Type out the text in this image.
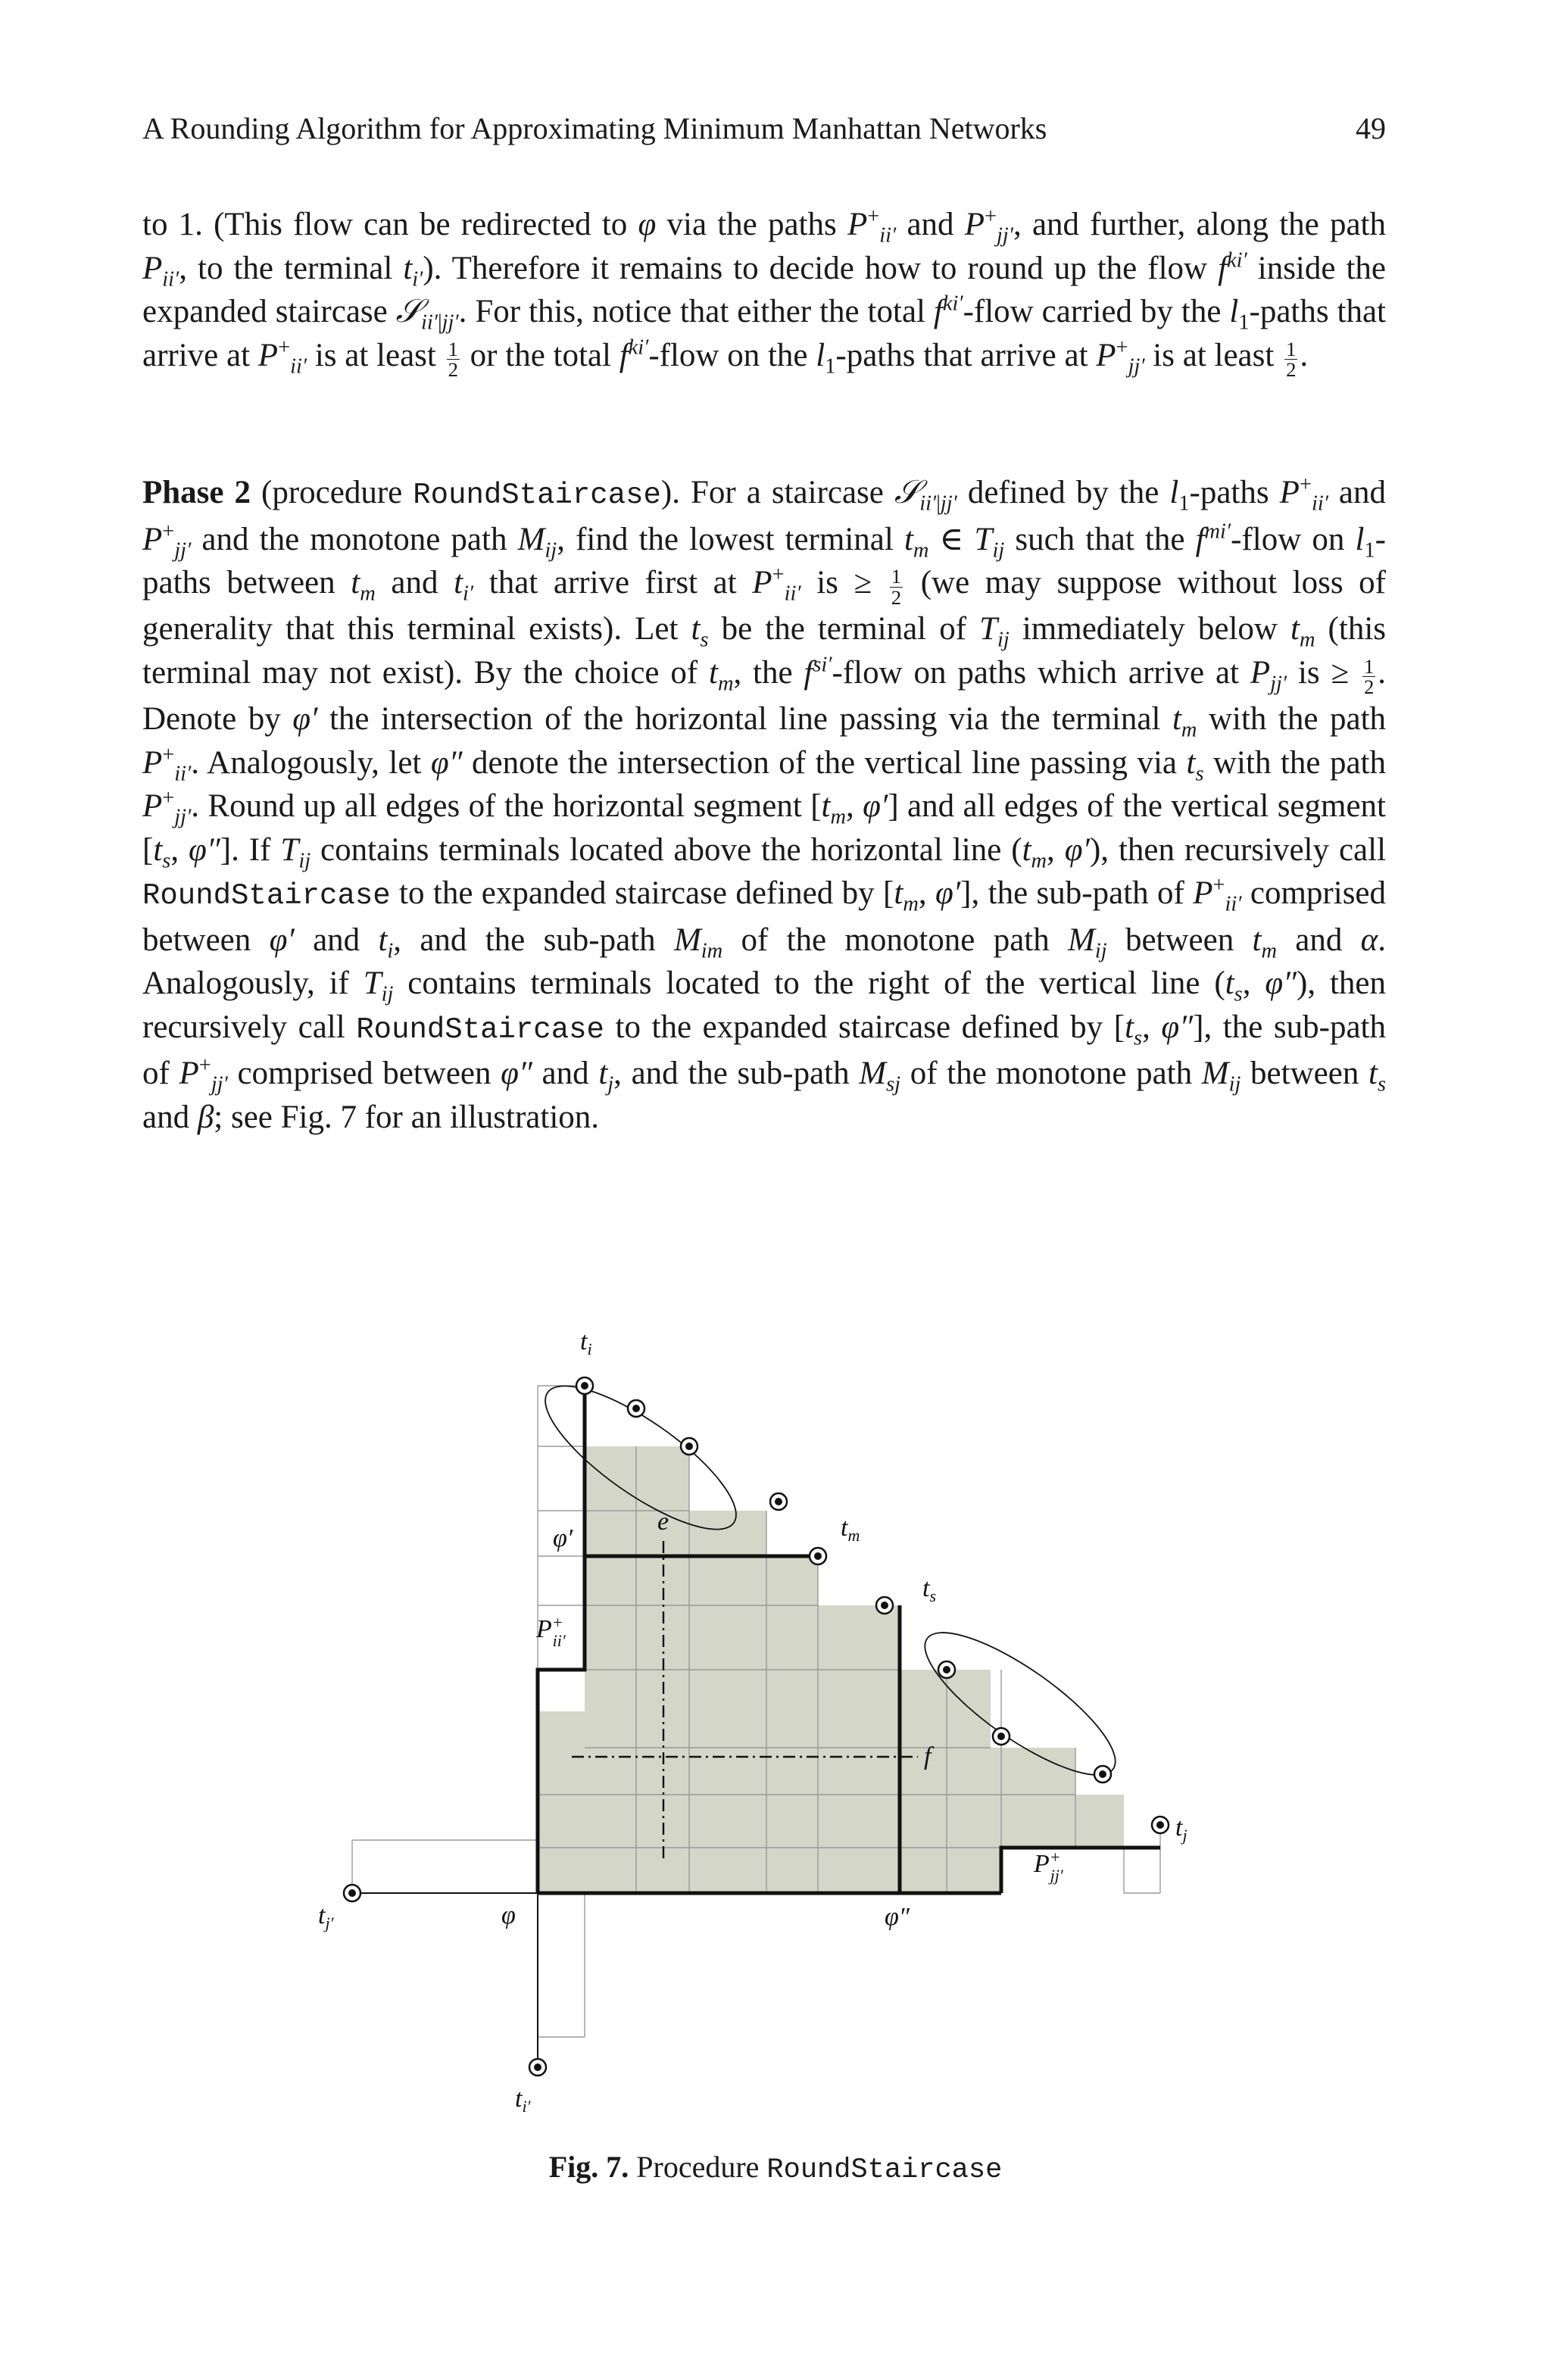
A Rounding Algorithm for Approximating Minimum Manhattan Networks	49

to 1. (This flow can be redirected to φ via the paths $P^+_{ii'}$ and $P^+_{jj'}$, and further, along the path $P_{ii'}$, to the terminal $t_{i'}$). Therefore it remains to decide how to round up the flow $f^{ki'}$ inside the expanded staircase 𝒮$_{ii'|jj'}$. For this, notice that either the total $f^{ki'}$-flow carried by the $l_1$-paths that arrive at $P^+_{ii'}$ is at least $\frac{1}{2}$ or the total $f^{ki'}$-flow on the $l_1$-paths that arrive at $P^+_{jj'}$ is at least $\frac{1}{2}$ .

Phase 2 (procedure RoundStaircase). For a staircase 𝒮$_{ii'|jj'}$ defined by the $l_1$-paths $P^+_{ii'}$ and $P^+_{jj'}$ and the monotone path $M_{ij}$, find the lowest terminal $t_m$ ∈ $T_{ij}$ such that the $f^{mi'}$-flow on $l_1$-paths between $t_m$ and $t_{i'}$ that arrive first at $P^+_{ii'}$ is ≥ $\frac{1}{2} (we$ may suppose without loss of generality that this terminal exists). Let $t_s$ be the terminal of $T_{ij}$ immediately below $t_m$ (this terminal may not exist). By the choice of $t_m$, the $f^{si'}$-flow on paths which arrive at $P_{jj'}$ is ≥ $\frac{1}{2}$ . Denote by φ′ the intersection of the horizontal line passing via the terminal $t_m$ with the path $P^+_{ii'}$. Analogously, let φ″ denote the intersection of the vertical line passing via $t_s$ with the path $P^+_{jj'}$. Round up all edges of the horizontal segment [$t_m$, φ′] and all edges of the vertical segment [$t_s$, φ″]. If $T_{ij}$ contains terminals located above the horizontal line ($t_m$, φ′), then recursively call RoundStaircase to the expanded staircase defined by [$t_m$, φ′], the sub-path of $P^+_{ii'}$ comprised between φ′ and $t_i$, and the sub-path $M_{im}$ of the monotone path $M_{ij}$ between $t_m$ and α. Analogously, if $T_{ij}$ contains terminals located to the right of the vertical line ($t_s$, φ″), then recursively call RoundStaircase to the expanded staircase defined by [$t_s$, φ″], the sub-path of $P^+_{jj'}$ comprised between φ″ and $t_j$, and the sub-path $M_{sj}$ of the monotone path $M_{ij}$ between $t_s$ and β; see Fig. 7 for an illustration.

$t_i$
$t_m$
$t_s$
$t_j$
$t_{j'}$
$t_{i'}$
e
f
φ
φ′
φ″
P+ ii′
P+ jj′
Fig. 7. Procedure RoundStaircase
